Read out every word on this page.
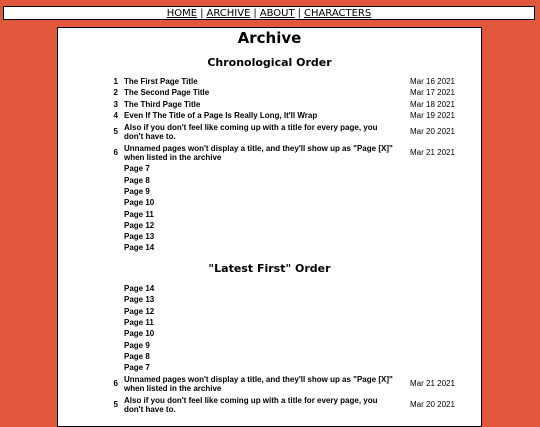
HOME | ARCHIVE | ABOUT | CHARACTERS
Archive
Chronological Order
1 The First Page Title	Mar 16 2021
2 The Second Page Title	Mar 17 2021
3 The Third Page Title	Mar 18 2021
4 Even If The Title of a Page Is Really Long, It'll Wrap	Mar 19 2021
5 Also if you don't feel like coming up with a title for every page, you don't have to.	Mar 20 2021
6 Unnamed pages won't display a title, and they'll show up as "Page [X]" when listed in the archive	Mar 21 2021
Page 7
Page 8
Page 9
Page 10
Page 11
Page 12
Page 13
Page 14
"Latest First" Order
Page 14
Page 13
Page 12
Page 11
Page 10
Page 9
Page 8
Page 7
6 Unnamed pages won't display a title, and they'll show up as "Page [X]" when listed in the archive	Mar 21 2021
5 Also if you don't feel like coming up with a title for every page, you don't have to.	Mar 20 2021
